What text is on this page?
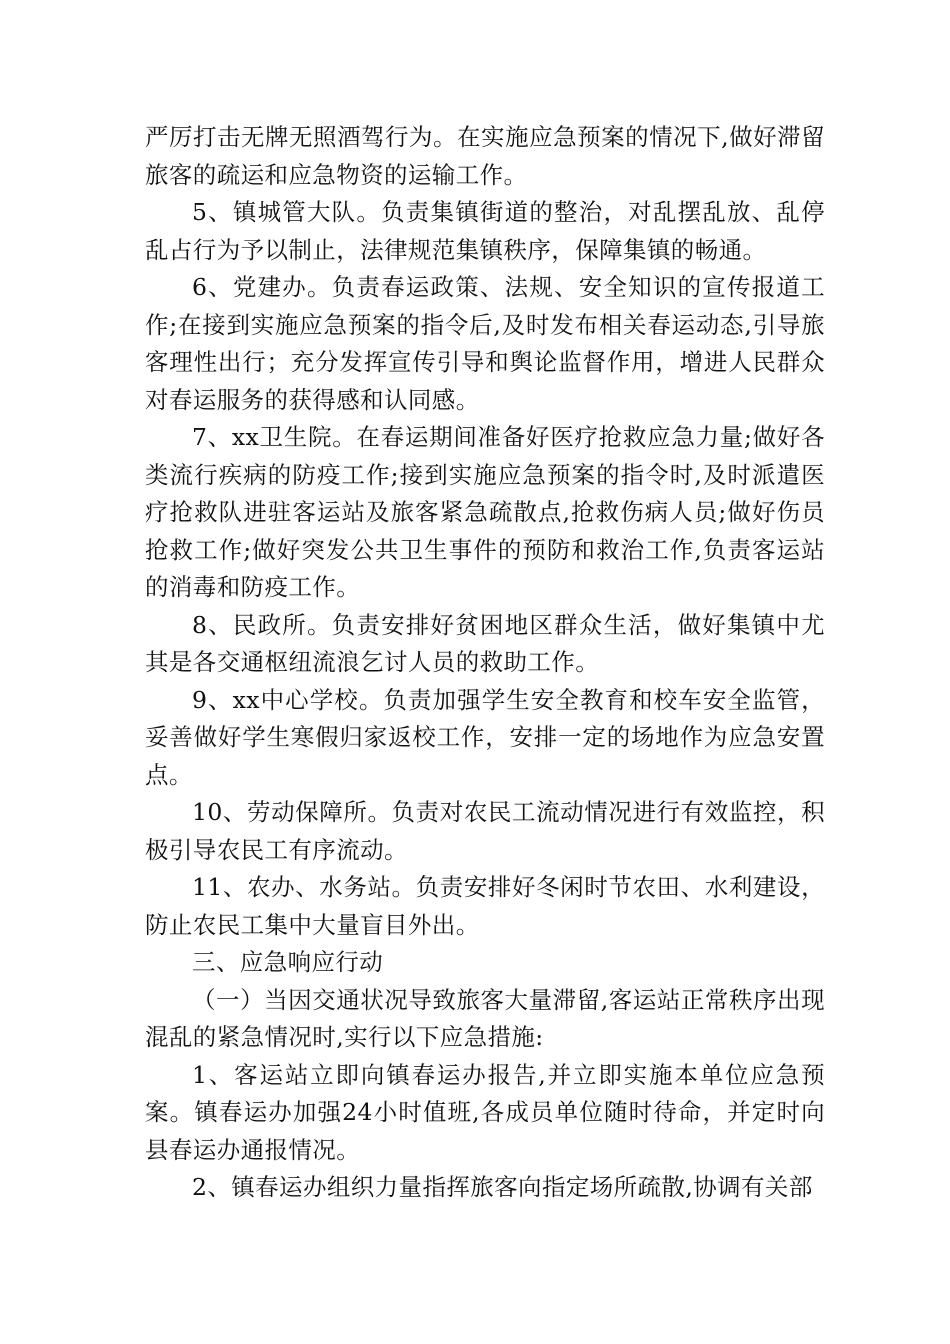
严厉打击无牌无照酒驾行为。在实施应急预案的情况下,做好滞留旅客的疏运和应急物资的运输工作。

5、镇城管大队。负责集镇街道的整治，对乱摆乱放、乱停乱占行为予以制止，法律规范集镇秩序，保障集镇的畅通。

6、党建办。负责春运政策、法规、安全知识的宣传报道工作;在接到实施应急预案的指令后,及时发布相关春运动态,引导旅客理性出行；充分发挥宣传引导和舆论监督作用，增进人民群众对春运服务的获得感和认同感。

7、xx卫生院。在春运期间准备好医疗抢救应急力量;做好各类流行疾病的防疫工作;接到实施应急预案的指令时,及时派遣医疗抢救队进驻客运站及旅客紧急疏散点,抢救伤病人员;做好伤员抢救工作;做好突发公共卫生事件的预防和救治工作,负责客运站的消毒和防疫工作。

8、民政所。负责安排好贫困地区群众生活，做好集镇中尤其是各交通枢纽流浪乞讨人员的救助工作。

9、xx中心学校。负责加强学生安全教育和校车安全监管，妥善做好学生寒假归家返校工作，安排一定的场地作为应急安置点。

10、劳动保障所。负责对农民工流动情况进行有效监控，积极引导农民工有序流动。

11、农办、水务站。负责安排好冬闲时节农田、水利建设，防止农民工集中大量盲目外出。

三、应急响应行动

（一）当因交通状况导致旅客大量滞留,客运站正常秩序出现混乱的紧急情况时,实行以下应急措施:

1、客运站立即向镇春运办报告,并立即实施本单位应急预案。镇春运办加强24小时值班,各成员单位随时待命，并定时向县春运办通报情况。

2、镇春运办组织力量指挥旅客向指定场所疏散,协调有关部
